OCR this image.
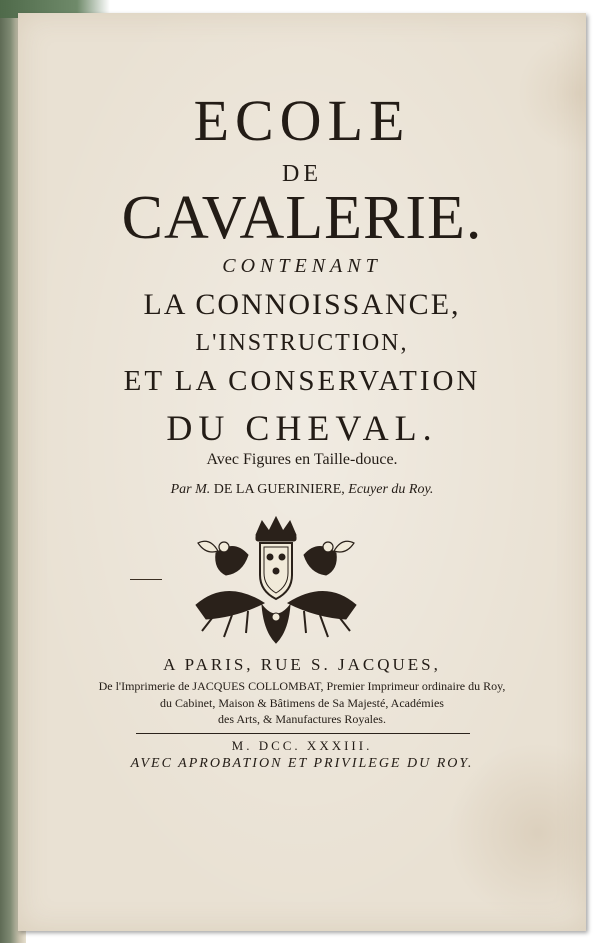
ECOLE
DE
CAVALERIE.
CONTENANT
LA CONNOISSANCE,
L'INSTRUCTION,
ET LA CONSERVATION
DU CHEVAL.
Avec Figures en Taille-douce.
Par M. DE LA GUERINIERE, Ecuyer du Roy.
A PARIS, RUE S. JACQUES,
De l'Imprimerie de JACQUES COLLOMBAT, Premier Imprimeur ordinaire du Roy,
du Cabinet, Maison & Bâtimens de Sa Majesté, Académies
des Arts, & Manufactures Royales.
M. DCC. XXXIII.
AVEC APROBATION ET PRIVILEGE DU ROY.
